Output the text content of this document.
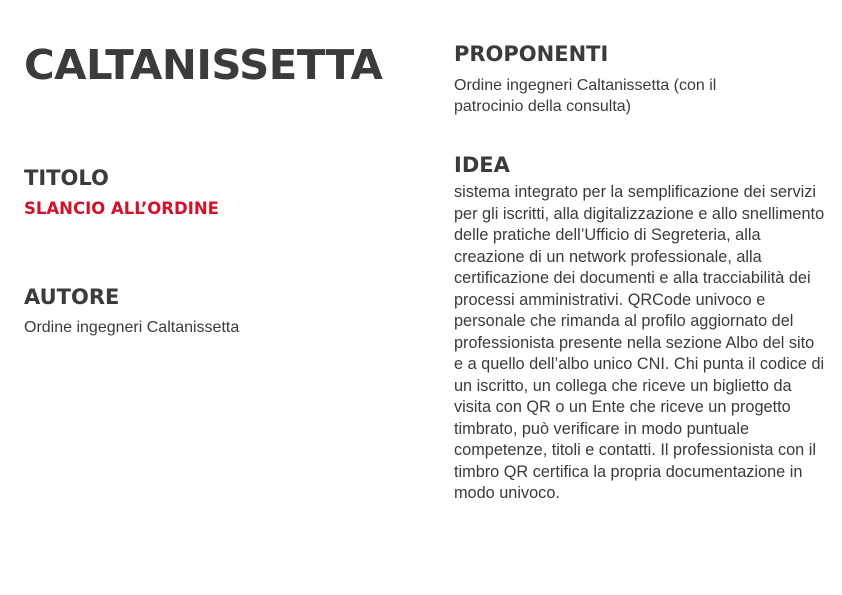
CALTANISSETTA
TITOLO

SLANCIO ALL’ORDINE

AUTORE

Ordine ingegneri Caltanissetta

PROPONENTI

Ordine ingegneri Caltanissetta (con il patrocinio della consulta)

IDEA

sistema integrato per la semplificazione dei servizi per gli iscritti, alla digitalizzazione e allo snellimento delle pratiche dell’Ufficio di Segreteria, alla creazione di un network professionale, alla certificazione dei documenti e alla tracciabilità dei processi amministrativi. QRCode univoco e personale che rimanda al profilo aggiornato del professionista presente nella sezione Albo del sito e a quello dell’albo unico CNI. Chi punta il codice di un iscritto, un collega che riceve un biglietto da visita con QR o un Ente che riceve un progetto timbrato, può verificare in modo puntuale competenze, titoli e contatti. Il professionista con il timbro QR certifica la propria documentazione in modo univoco.
